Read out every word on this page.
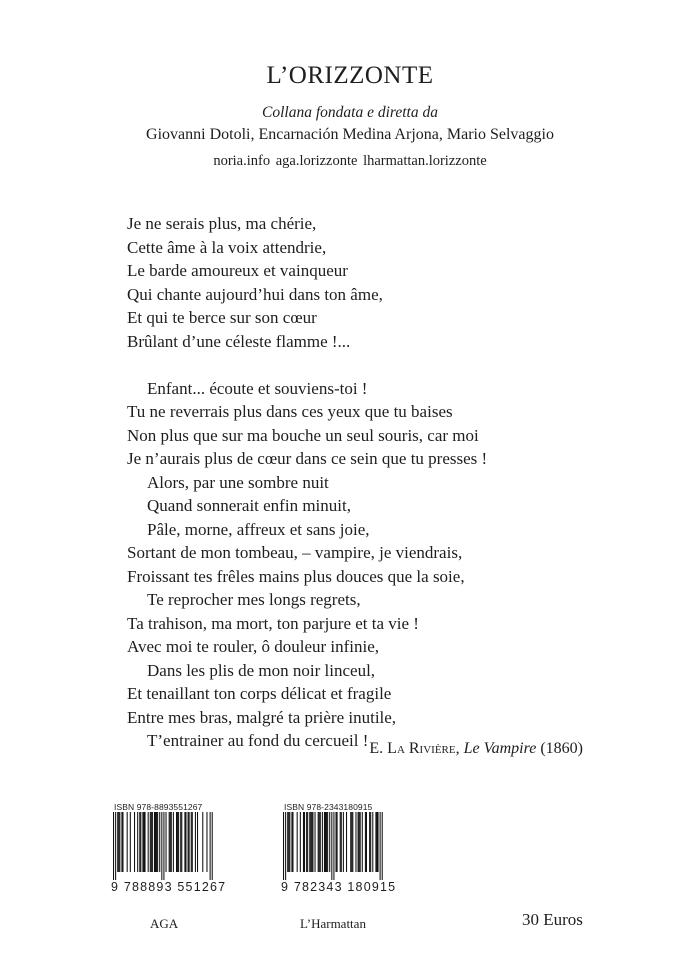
L’ORIZZONTE
Collana fondata e diretta da
Giovanni Dotoli, Encarnación Medina Arjona, Mario Selvaggio
noria.info aga.lorizzonte lharmattan.lorizzonte
Je ne serais plus, ma chérie,
Cette âme à la voix attendrie,
Le barde amoureux et vainqueur
Qui chante aujourd’hui dans ton âme,
Et qui te berce sur son cœur
Brûlant d’une céleste flamme !...
Enfant... écoute et souviens-toi !
Tu ne reverrais plus dans ces yeux que tu baises
Non plus que sur ma bouche un seul souris, car moi
Je n’aurais plus de cœur dans ce sein que tu presses !
Alors, par une sombre nuit
Quand sonnerait enfin minuit,
Pâle, morne, affreux et sans joie,
Sortant de mon tombeau, – vampire, je viendrais,
Froissant tes frêles mains plus douces que la soie,
Te reprocher mes longs regrets,
Ta trahison, ma mort, ton parjure et ta vie !
Avec moi te rouler, ô douleur infinie,
Dans les plis de mon noir linceul,
Et tenaillant ton corps délicat et fragile
Entre mes bras, malgré ta prière inutile,
T’entrainer au fond du cercueil ! E. La Rivière, Le Vampire (1860)
ISBN 978-8893551267
9 788893 551267
ISBN 978-2343180915
9 782343 180915
AGA	L’Harmattan	30 Euros
